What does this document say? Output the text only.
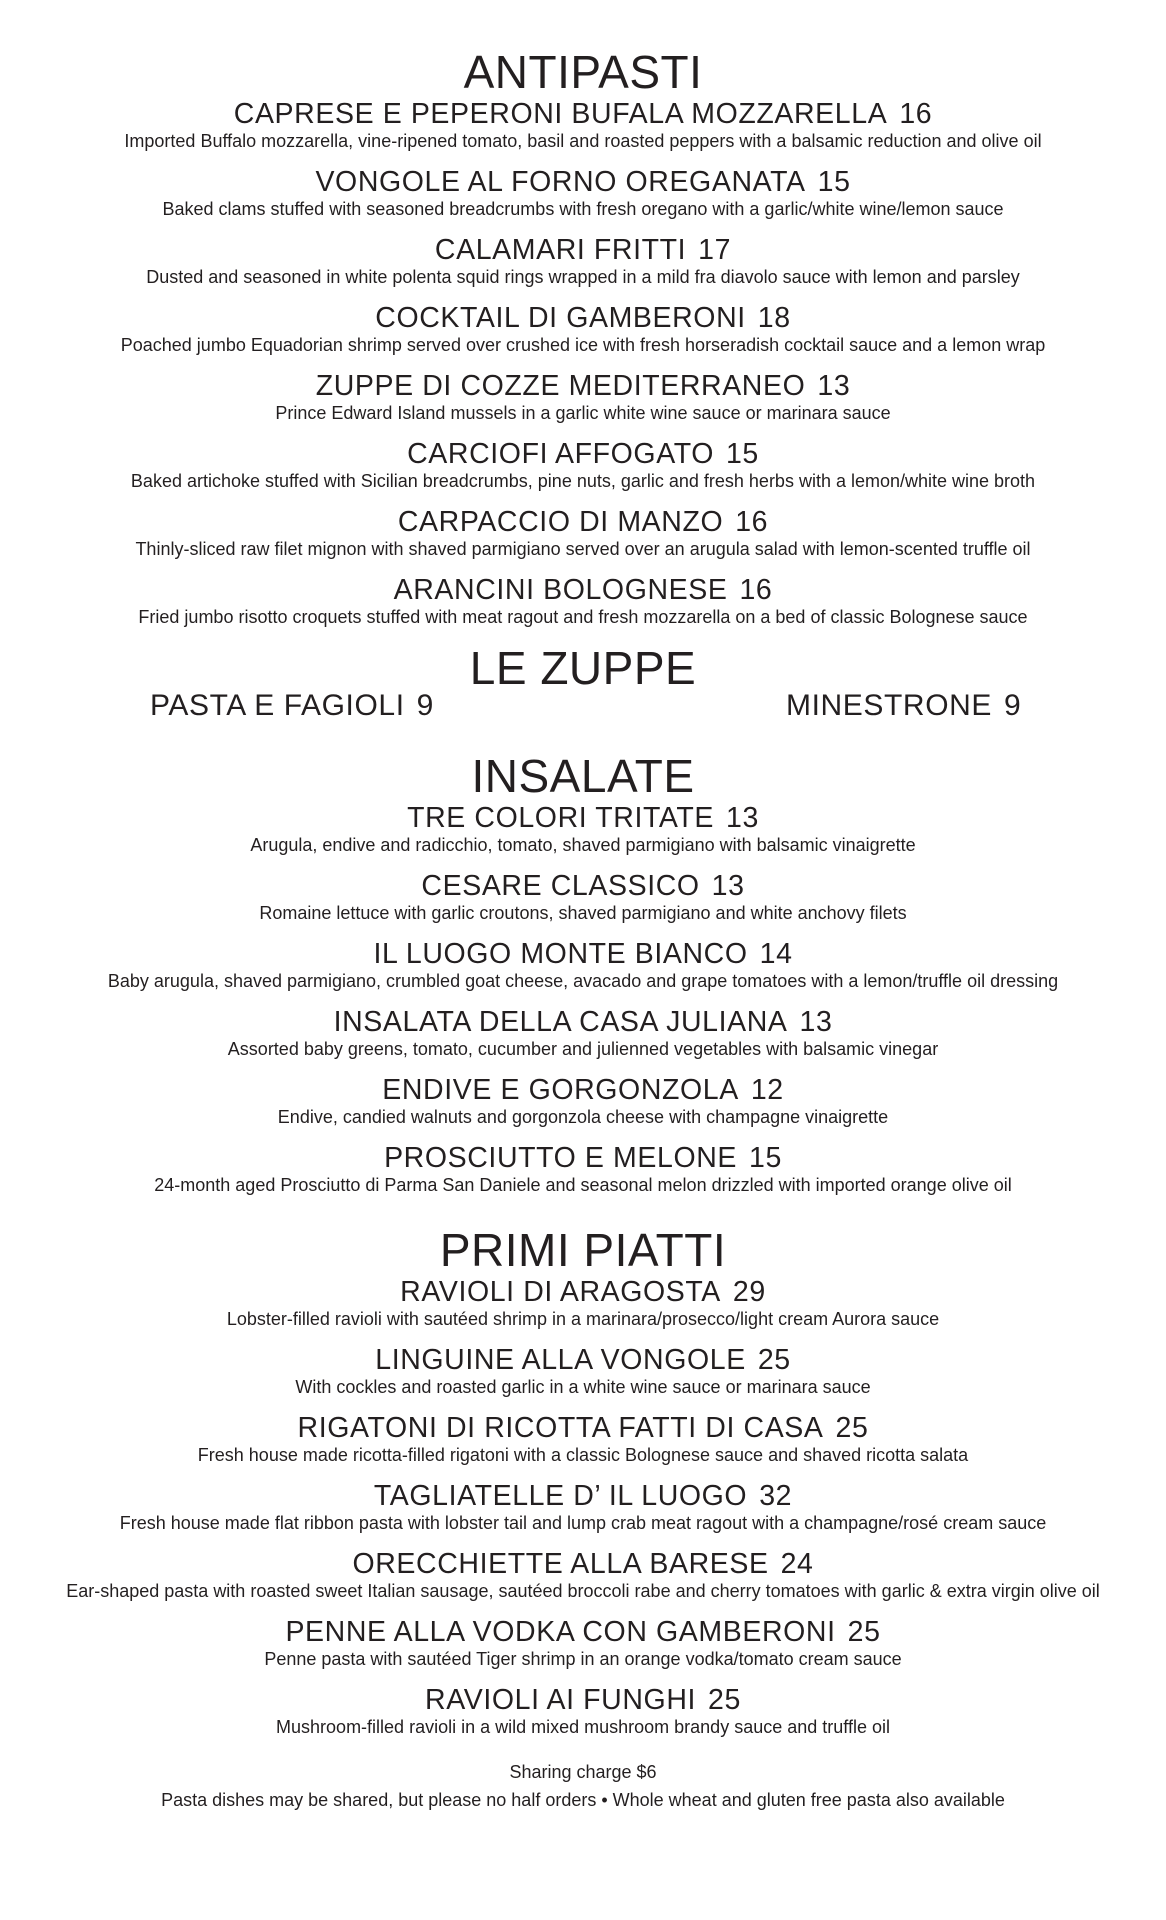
ANTIPASTI
CAPRESE E PEPERONI BUFALA MOZZARELLA 16
Imported Buffalo mozzarella, vine-ripened tomato, basil and roasted peppers with a balsamic reduction and olive oil
VONGOLE AL FORNO OREGANATA 15
Baked clams stuffed with seasoned breadcrumbs with fresh oregano with a garlic/white wine/lemon sauce
CALAMARI FRITTI 17
Dusted and seasoned in white polenta squid rings wrapped in a mild fra diavolo sauce with lemon and parsley
COCKTAIL DI GAMBERONI 18
Poached jumbo Equadorian shrimp served over crushed ice with fresh horseradish cocktail sauce and a lemon wrap
ZUPPE DI COZZE MEDITERRANEO 13
Prince Edward Island mussels in a garlic white wine sauce or marinara sauce
CARCIOFI AFFOGATO 15
Baked artichoke stuffed with Sicilian breadcrumbs, pine nuts, garlic and fresh herbs with a lemon/white wine broth
CARPACCIO DI MANZO 16
Thinly-sliced raw filet mignon with shaved parmigiano served over an arugula salad with lemon-scented truffle oil
ARANCINI BOLOGNESE 16
Fried jumbo risotto croquets stuffed with meat ragout and fresh mozzarella on a bed of classic Bolognese sauce
LE ZUPPE
PASTA E FAGIOLI 9	MINESTRONE 9
INSALATE
TRE COLORI TRITATE 13
Arugula, endive and radicchio, tomato, shaved parmigiano with balsamic vinaigrette
CESARE CLASSICO 13
Romaine lettuce with garlic croutons, shaved parmigiano and white anchovy filets
IL LUOGO MONTE BIANCO 14
Baby arugula, shaved parmigiano, crumbled goat cheese, avacado and grape tomatoes with a lemon/truffle oil dressing
INSALATA DELLA CASA JULIANA 13
Assorted baby greens, tomato, cucumber and julienned vegetables with balsamic vinegar
ENDIVE E GORGONZOLA 12
Endive, candied walnuts and gorgonzola cheese with champagne vinaigrette
PROSCIUTTO E MELONE 15
24-month aged Prosciutto di Parma San Daniele and seasonal melon drizzled with imported orange olive oil
PRIMI PIATTI
RAVIOLI DI ARAGOSTA 29
Lobster-filled ravioli with sautéed shrimp in a marinara/prosecco/light cream Aurora sauce
LINGUINE ALLA VONGOLE 25
With cockles and roasted garlic in a white wine sauce or marinara sauce
RIGATONI DI RICOTTA FATTI DI CASA 25
Fresh house made ricotta-filled rigatoni with a classic Bolognese sauce and shaved ricotta salata
TAGLIATELLE D’ IL LUOGO 32
Fresh house made flat ribbon pasta with lobster tail and lump crab meat ragout with a champagne/rosé cream sauce
ORECCHIETTE ALLA BARESE 24
Ear-shaped pasta with roasted sweet Italian sausage, sautéed broccoli rabe and cherry tomatoes with garlic & extra virgin olive oil
PENNE ALLA VODKA CON GAMBERONI 25
Penne pasta with sautéed Tiger shrimp in an orange vodka/tomato cream sauce
RAVIOLI AI FUNGHI 25
Mushroom-filled ravioli in a wild mixed mushroom brandy sauce and truffle oil
Sharing charge $6
Pasta dishes may be shared, but please no half orders • Whole wheat and gluten free pasta also available
